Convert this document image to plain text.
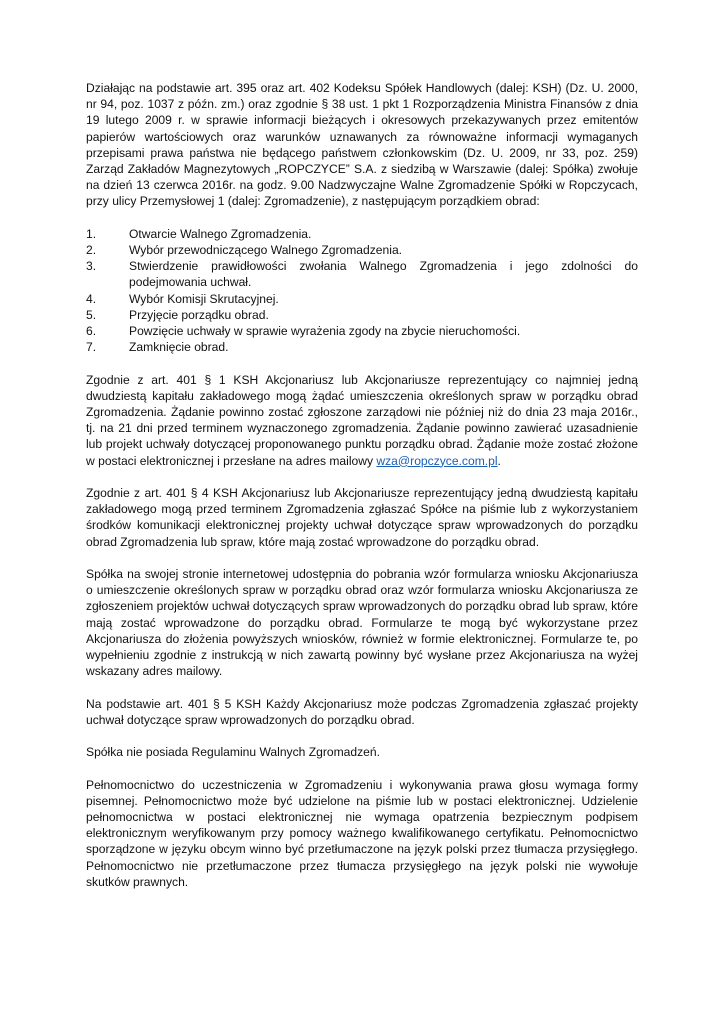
Działając na podstawie art. 395 oraz art. 402 Kodeksu Spółek Handlowych (dalej: KSH) (Dz. U. 2000, nr 94, poz. 1037 z późn. zm.) oraz zgodnie § 38 ust. 1 pkt 1 Rozporządzenia Ministra Finansów z dnia 19 lutego 2009 r. w sprawie informacji bieżących i okresowych przekazywanych przez emitentów papierów wartościowych oraz warunków uznawanych za równoważne informacji wymaganych przepisami prawa państwa nie będącego państwem członkowskim (Dz. U. 2009, nr 33, poz. 259) Zarząd Zakładów Magnezytowych „ROPCZYCE” S.A. z siedzibą w Warszawie (dalej: Spółka) zwołuje na dzień 13 czerwca 2016r. na godz. 9.00 Nadzwyczajne Walne Zgromadzenie Spółki w Ropczycach, przy ulicy Przemysłowej 1 (dalej: Zgromadzenie), z następującym porządkiem obrad:

1.	Otwarcie Walnego Zgromadzenia.
2.	Wybór przewodniczącego Walnego Zgromadzenia.
3.	Stwierdzenie prawidłowości zwołania Walnego Zgromadzenia i jego zdolności do podejmowania uchwał.
4.	Wybór Komisji Skrutacyjnej.
5.	Przyjęcie porządku obrad.
6.	Powzięcie uchwały w sprawie wyrażenia zgody na zbycie nieruchomości.
7.	Zamknięcie obrad.

Zgodnie z art. 401 § 1 KSH Akcjonariusz lub Akcjonariusze reprezentujący co najmniej jedną dwudziestą kapitału zakładowego mogą żądać umieszczenia określonych spraw w porządku obrad Zgromadzenia. Żądanie powinno zostać zgłoszone zarządowi nie później niż do dnia 23 maja 2016r., tj. na 21 dni przed terminem wyznaczonego zgromadzenia. Żądanie powinno zawierać uzasadnienie lub projekt uchwały dotyczącej proponowanego punktu porządku obrad. Żądanie może zostać złożone w postaci elektronicznej i przesłane na adres mailowy wza@ropczyce.com.pl.

Zgodnie z art. 401 § 4 KSH Akcjonariusz lub Akcjonariusze reprezentujący jedną dwudziestą kapitału zakładowego mogą przed terminem Zgromadzenia zgłaszać Spółce na piśmie lub z wykorzystaniem środków komunikacji elektronicznej projekty uchwał dotyczące spraw wprowadzonych do porządku obrad Zgromadzenia lub spraw, które mają zostać wprowadzone do porządku obrad.

Spółka na swojej stronie internetowej udostępnia do pobrania wzór formularza wniosku Akcjonariusza o umieszczenie określonych spraw w porządku obrad oraz wzór formularza wniosku Akcjonariusza ze zgłoszeniem projektów uchwał dotyczących spraw wprowadzonych do porządku obrad lub spraw, które mają zostać wprowadzone do porządku obrad. Formularze te mogą być wykorzystane przez Akcjonariusza do złożenia powyższych wniosków, również w formie elektronicznej. Formularze te, po wypełnieniu zgodnie z instrukcją w nich zawartą powinny być wysłane przez Akcjonariusza na wyżej wskazany adres mailowy.

Na podstawie art. 401 § 5 KSH Każdy Akcjonariusz może podczas Zgromadzenia zgłaszać projekty uchwał dotyczące spraw wprowadzonych do porządku obrad.

Spółka nie posiada Regulaminu Walnych Zgromadzeń.

Pełnomocnictwo do uczestniczenia w Zgromadzeniu i wykonywania prawa głosu wymaga formy pisemnej. Pełnomocnictwo może być udzielone na piśmie lub w postaci elektronicznej. Udzielenie pełnomocnictwa w postaci elektronicznej nie wymaga opatrzenia bezpiecznym podpisem elektronicznym weryfikowanym przy pomocy ważnego kwalifikowanego certyfikatu. Pełnomocnictwo sporządzone w języku obcym winno być przetłumaczone na język polski przez tłumacza przysięgłego. Pełnomocnictwo nie przetłumaczone przez tłumacza przysięgłego na język polski nie wywołuje skutków prawnych.
